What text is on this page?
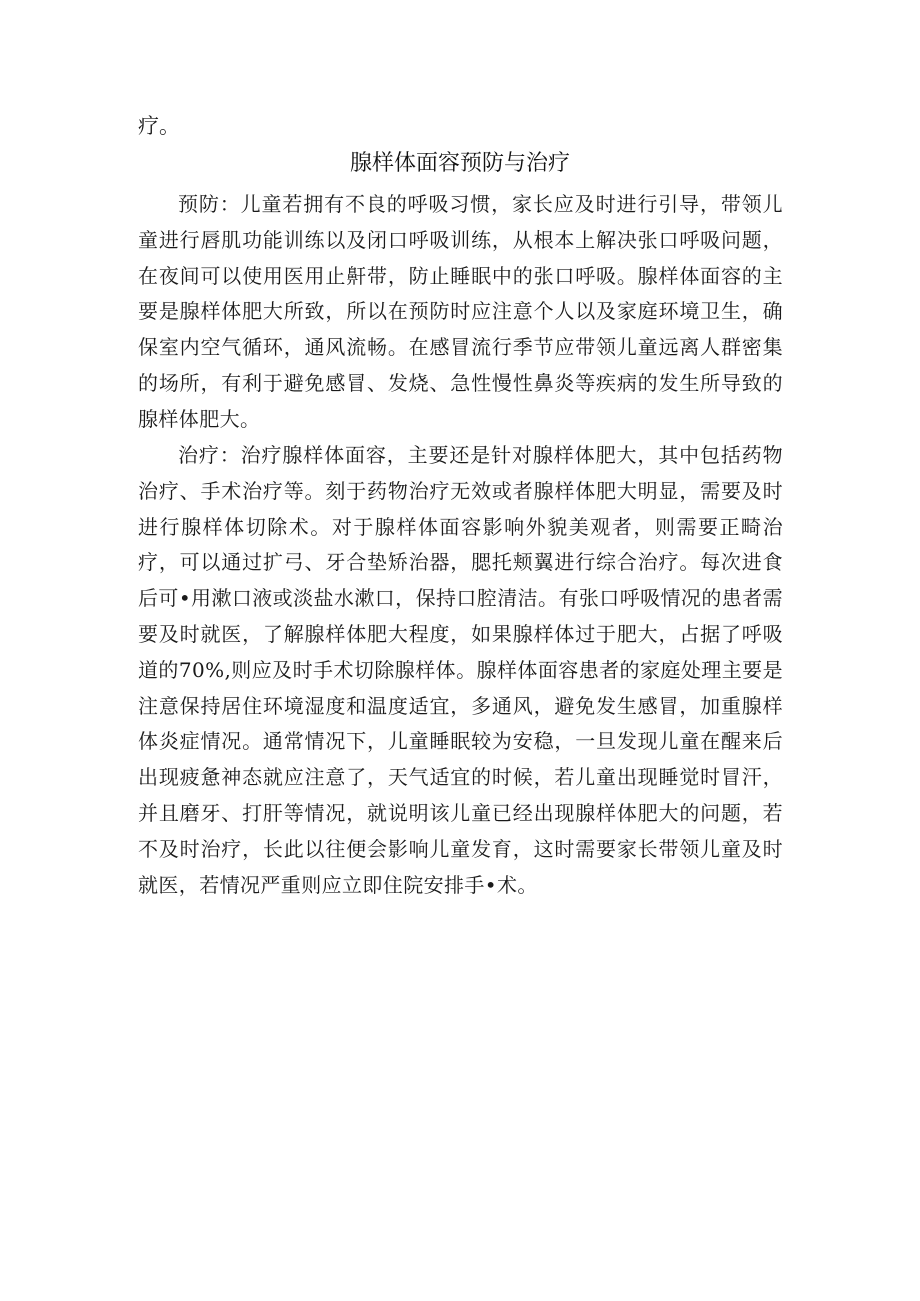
疗。

腺样体面容预防与治疗

预防：儿童若拥有不良的呼吸习惯，家长应及时进行引导，带领儿童进行唇肌功能训练以及闭口呼吸训练，从根本上解决张口呼吸问题，在夜间可以使用医用止鼾带，防止睡眠中的张口呼吸。腺样体面容的主要是腺样体肥大所致，所以在预防时应注意个人以及家庭环境卫生，确保室内空气循环，通风流畅。在感冒流行季节应带领儿童远离人群密集的场所，有利于避免感冒、发烧、急性慢性鼻炎等疾病的发生所导致的腺样体肥大。

治疗：治疗腺样体面容，主要还是针对腺样体肥大，其中包括药物治疗、手术治疗等。刻于药物治疗无效或者腺样体肥大明显，需要及时进行腺样体切除术。对于腺样体面容影响外貌美观者，则需要正畸治疗，可以通过扩弓、牙合垫矫治器，腮托颊翼进行综合治疗。每次进食后可•用漱口液或淡盐水漱口，保持口腔清洁。有张口呼吸情况的患者需要及时就医，了解腺样体肥大程度，如果腺样体过于肥大，占据了呼吸道的70%,则应及时手术切除腺样体。腺样体面容患者的家庭处理主要是注意保持居住环境湿度和温度适宜，多通风，避免发生感冒，加重腺样体炎症情况。通常情况下，儿童睡眠较为安稳，一旦发现儿童在醒来后出现疲惫神态就应注意了，天气适宜的时候，若儿童出现睡觉时冒汗，并且磨牙、打肝等情况，就说明该儿童已经出现腺样体肥大的问题，若不及时治疗，长此以往便会影响儿童发育，这时需要家长带领儿童及时就医，若情况严重则应立即住院安排手•术。
